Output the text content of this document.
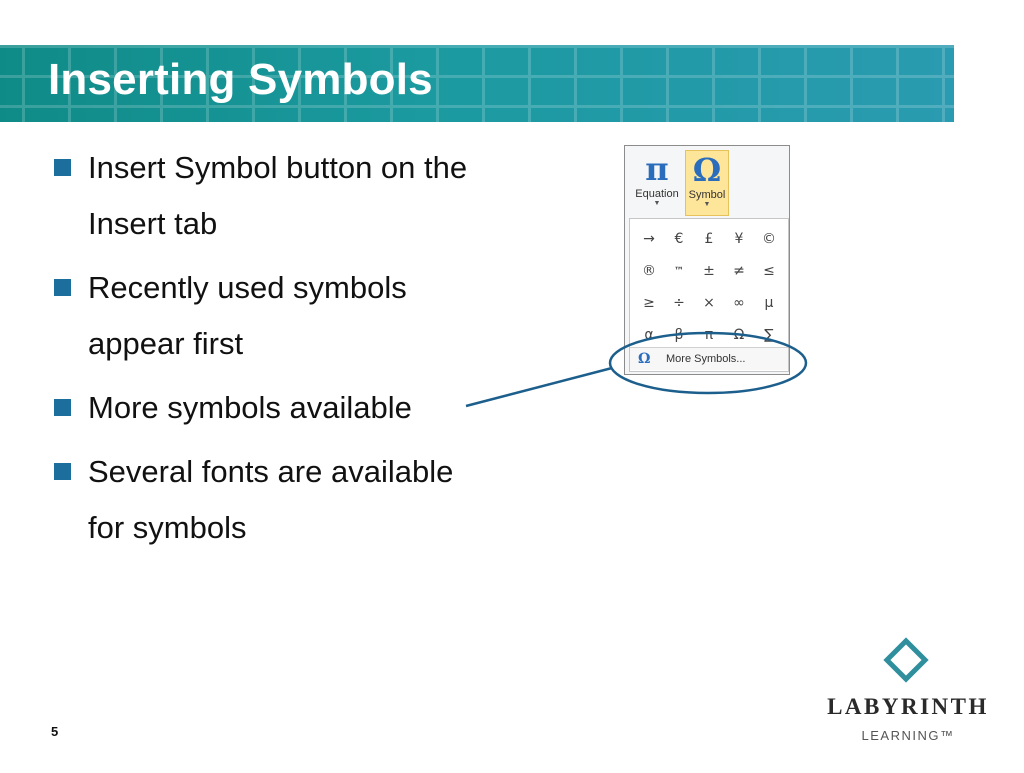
Inserting Symbols
Insert Symbol button on the Insert tab
Recently used symbols appear first
More symbols available
Several fonts are available for symbols
π
Equation
▼
Ω
Symbol
▼
→	€	£	¥	©
®	™	±	≠	≤
≥	÷	×	∞	µ
α	β	π	Ω	∑
Ω More Symbols...
5
LABYRINTH
LEARNING™
